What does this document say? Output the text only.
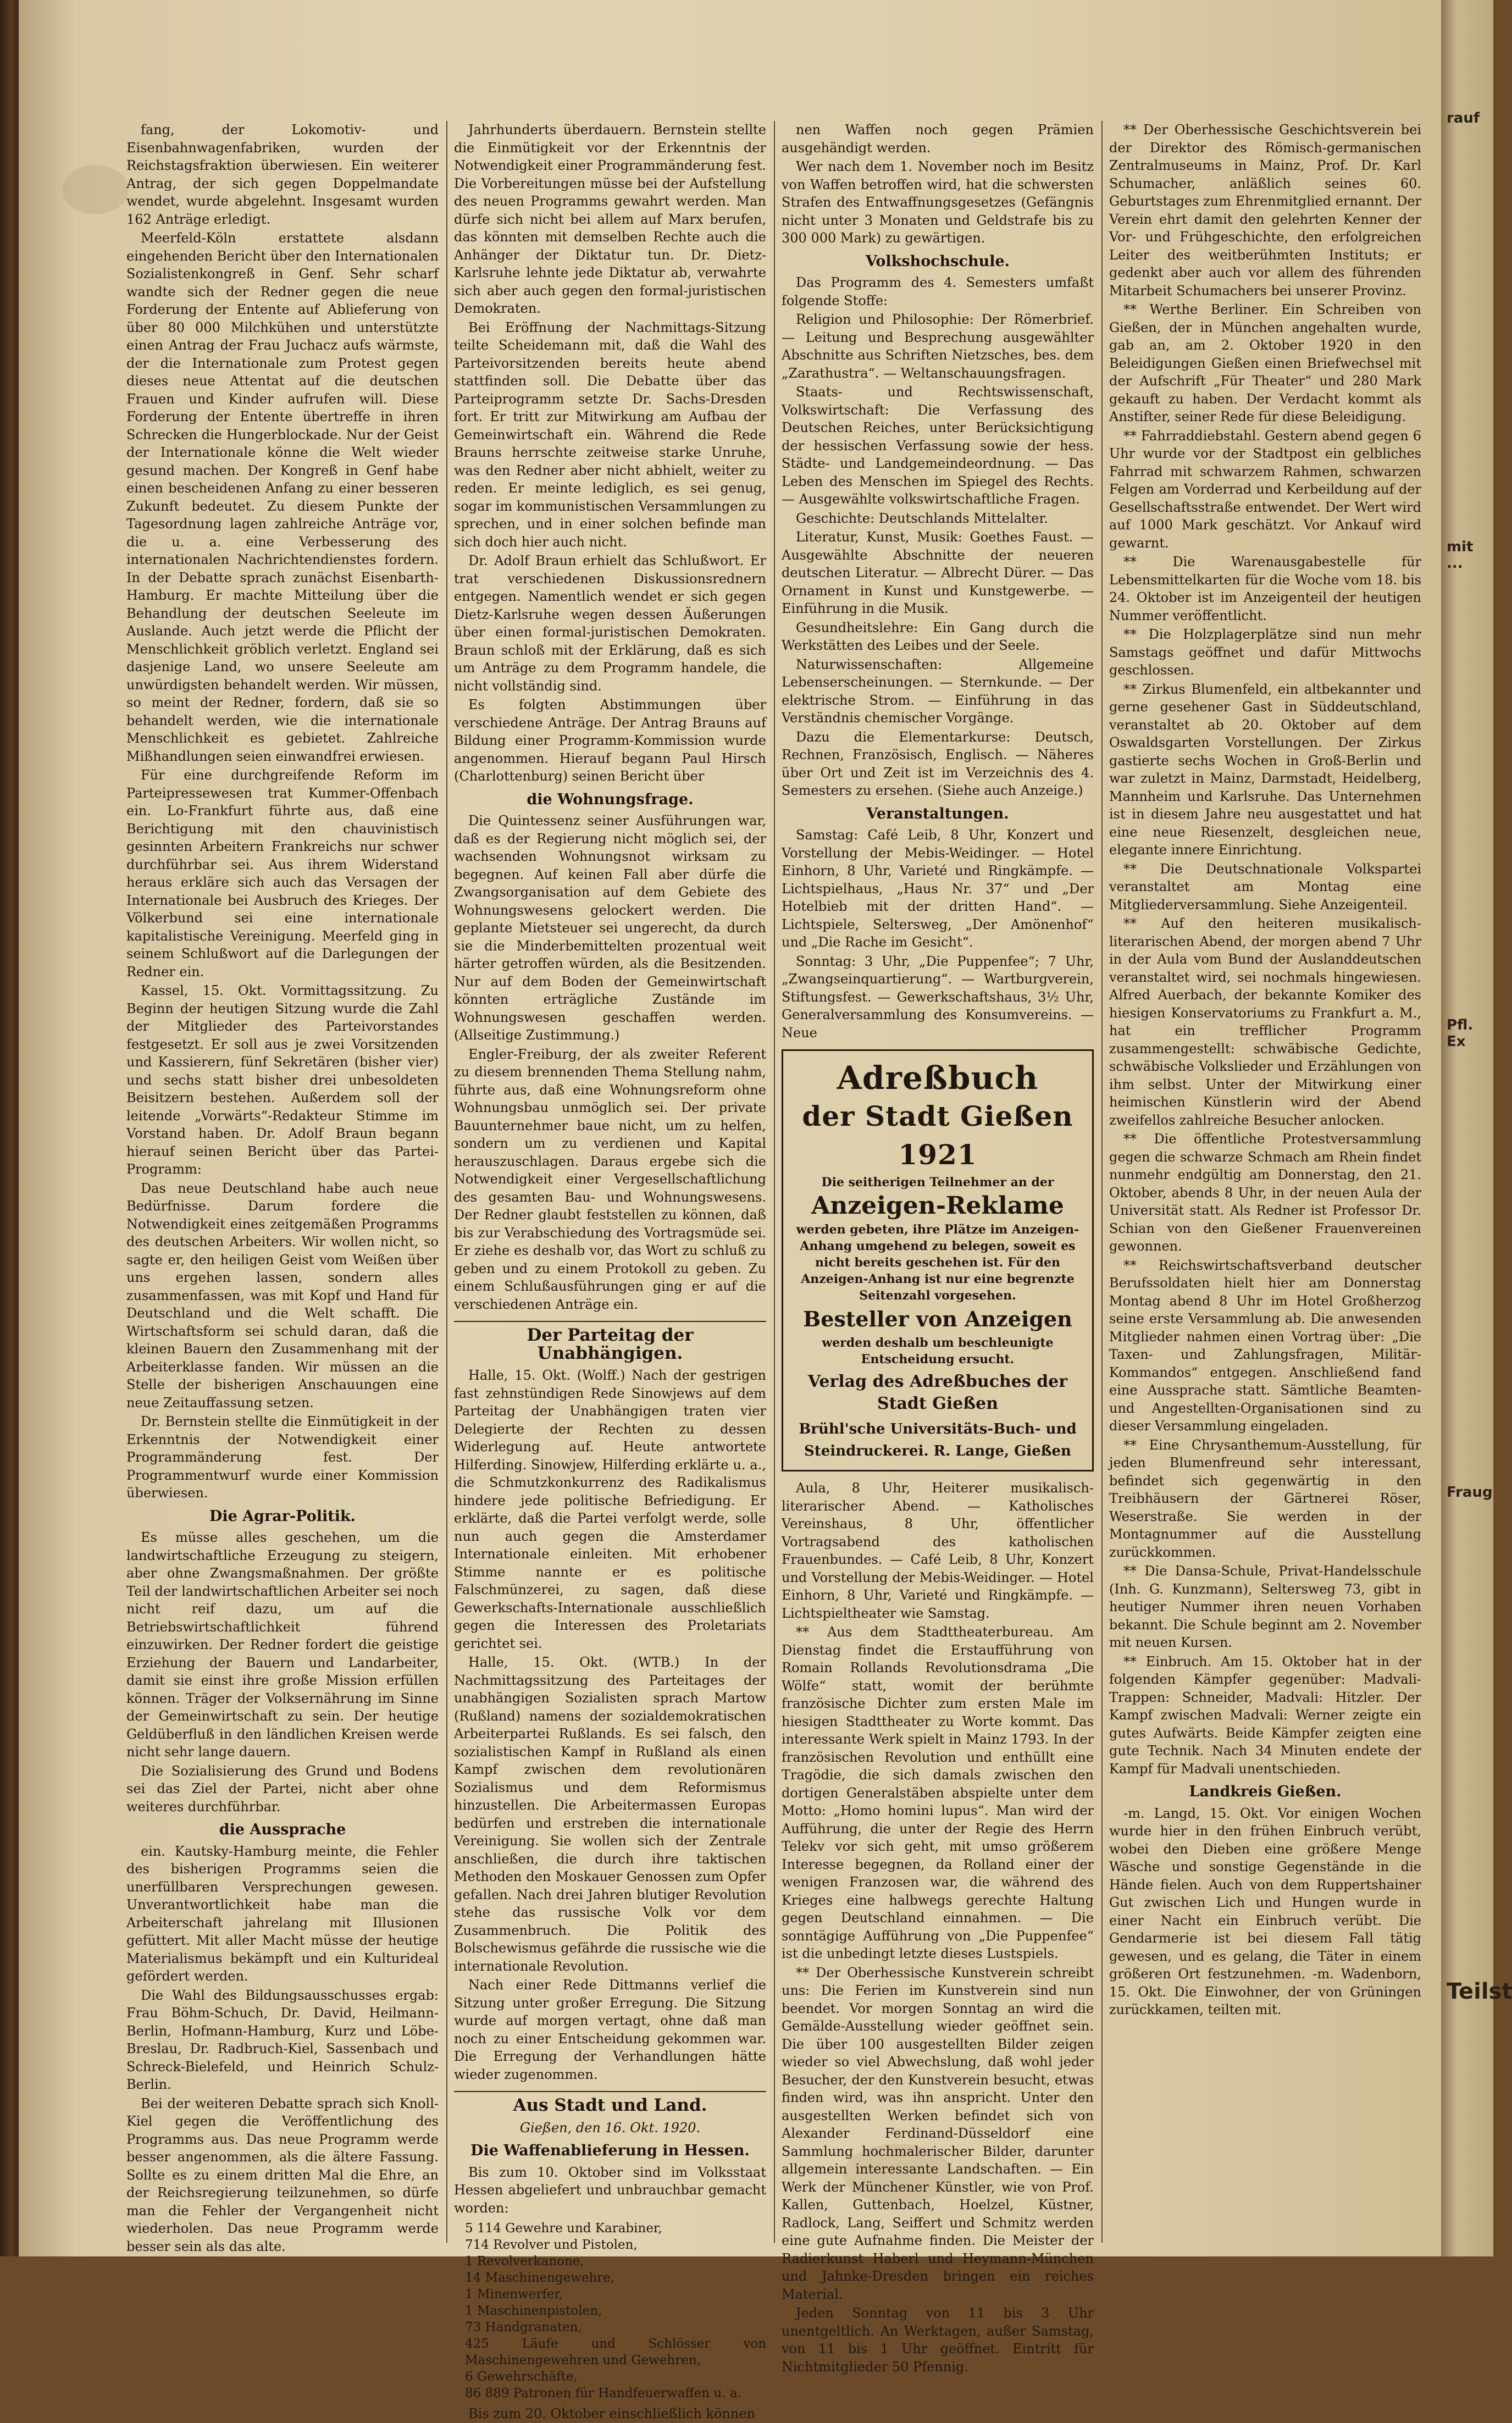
fang, der Lokomotiv- und Eisenbahnwagenfabriken, wurden der Reichstagsfraktion überwiesen. Ein weiterer Antrag, der sich gegen Doppelmandate wendet, wurde abgelehnt. Insgesamt wurden 162 Anträge erledigt.

Meerfeld-Köln erstattete alsdann eingehenden Bericht über den Internationalen Sozialistenkongreß in Genf. Sehr scharf wandte sich der Redner gegen die neue Forderung der Entente auf Ablieferung von über 80 000 Milchkühen und unterstützte einen Antrag der Frau Juchacz aufs wärmste, der die Internationale zum Protest gegen dieses neue Attentat auf die deutschen Frauen und Kinder aufrufen will. Diese Forderung der Entente übertreffe in ihren Schrecken die Hungerblockade. Nur der Geist der Internationale könne die Welt wieder gesund machen. Der Kongreß in Genf habe einen bescheidenen Anfang zu einer besseren Zukunft bedeutet. Zu diesem Punkte der Tagesordnung lagen zahlreiche Anträge vor, die u. a. eine Verbesserung des internationalen Nachrichtendienstes fordern. In der Debatte sprach zunächst Eisenbarth-Hamburg. Er machte Mitteilung über die Behandlung der deutschen Seeleute im Auslande. Auch jetzt werde die Pflicht der Menschlichkeit gröblich verletzt. England sei dasjenige Land, wo unsere Seeleute am unwürdigsten behandelt werden. Wir müssen, so meint der Redner, fordern, daß sie so behandelt werden, wie die internationale Menschlichkeit es gebietet. Zahlreiche Mißhandlungen seien einwandfrei erwiesen.

Für eine durchgreifende Reform im Parteipressewesen trat Kummer-Offenbach ein. Lo-Frankfurt führte aus, daß eine Berichtigung mit den chauvinistisch gesinnten Arbeitern Frankreichs nur schwer durchführbar sei. Aus ihrem Widerstand heraus erkläre sich auch das Versagen der Internationale bei Ausbruch des Krieges. Der Völkerbund sei eine internationale kapitalistische Vereinigung. Meerfeld ging in seinem Schlußwort auf die Darlegungen der Redner ein.

Kassel, 15. Okt. Vormittagssitzung. Zu Beginn der heutigen Sitzung wurde die Zahl der Mitglieder des Parteivorstandes festgesetzt. Er soll aus je zwei Vorsitzenden und Kassierern, fünf Sekretären (bisher vier) und sechs statt bisher drei unbesoldeten Beisitzern bestehen. Außerdem soll der leitende „Vorwärts“-Redakteur Stimme im Vorstand haben. Dr. Adolf Braun begann hierauf seinen Bericht über das Partei-Programm:

Das neue Deutschland habe auch neue Bedürfnisse. Darum fordere die Notwendigkeit eines zeitgemäßen Programms des deutschen Arbeiters. Wir wollen nicht, so sagte er, den heiligen Geist vom Weißen über uns ergehen lassen, sondern alles zusammenfassen, was mit Kopf und Hand für Deutschland und die Welt schafft. Die Wirtschaftsform sei schuld daran, daß die kleinen Bauern den Zusammenhang mit der Arbeiterklasse fanden. Wir müssen an die Stelle der bisherigen Anschauungen eine neue Zeitauffassung setzen.

Dr. Bernstein stellte die Einmütigkeit in der Erkenntnis der Notwendigkeit einer Programmänderung fest. Der Programmentwurf wurde einer Kommission überwiesen.

Die Agrar-Politik.

Es müsse alles geschehen, um die landwirtschaftliche Erzeugung zu steigern, aber ohne Zwangsmaßnahmen. Der größte Teil der landwirtschaftlichen Arbeiter sei noch nicht reif dazu, um auf die Betriebswirtschaftlichkeit führend einzuwirken. Der Redner fordert die geistige Erziehung der Bauern und Landarbeiter, damit sie einst ihre große Mission erfüllen können. Träger der Volksernährung im Sinne der Gemeinwirtschaft zu sein. Der heutige Geldüberfluß in den ländlichen Kreisen werde nicht sehr lange dauern.

Die Sozialisierung des Grund und Bodens sei das Ziel der Partei, nicht aber ohne weiteres durchführbar.

die Aussprache

ein. Kautsky-Hamburg meinte, die Fehler des bisherigen Programms seien die unerfüllbaren Versprechungen gewesen. Unverantwortlichkeit habe man die Arbeiterschaft jahrelang mit Illusionen gefüttert. Mit aller Macht müsse der heutige Materialismus bekämpft und ein Kulturideal gefördert werden.

Die Wahl des Bildungsausschusses ergab: Frau Böhm-Schuch, Dr. David, Heilmann-Berlin, Hofmann-Hamburg, Kurz und Löbe-Breslau, Dr. Radbruch-Kiel, Sassenbach und Schreck-Bielefeld, und Heinrich Schulz-Berlin.

Bei der weiteren Debatte sprach sich Knoll-Kiel gegen die Veröffentlichung des Programms aus. Das neue Programm werde besser angenommen, als die ältere Fassung. Sollte es zu einem dritten Mal die Ehre, an der Reichsregierung teilzunehmen, so dürfe man die Fehler der Vergangenheit nicht wiederholen. Das neue Programm werde besser sein als das alte.

Jahrhunderts überdauern. Bernstein stellte die Einmütigkeit vor der Erkenntnis der Notwendigkeit einer Programmänderung fest. Die Vorbereitungen müsse bei der Aufstellung des neuen Programms gewahrt werden. Man dürfe sich nicht bei allem auf Marx berufen, das könnten mit demselben Rechte auch die Anhänger der Diktatur tun. Dr. Dietz-Karlsruhe lehnte jede Diktatur ab, verwahrte sich aber auch gegen den formal-juristischen Demokraten.

Bei Eröffnung der Nachmittags-Sitzung teilte Scheidemann mit, daß die Wahl des Parteivorsitzenden bereits heute abend stattfinden soll. Die Debatte über das Parteiprogramm setzte Dr. Sachs-Dresden fort. Er tritt zur Mitwirkung am Aufbau der Gemeinwirtschaft ein. Während die Rede Brauns herrschte zeitweise starke Unruhe, was den Redner aber nicht abhielt, weiter zu reden. Er meinte lediglich, es sei genug, sogar im kommunistischen Versammlungen zu sprechen, und in einer solchen befinde man sich doch hier auch nicht.

Dr. Adolf Braun erhielt das Schlußwort. Er trat verschiedenen Diskussionsrednern entgegen. Namentlich wendet er sich gegen Dietz-Karlsruhe wegen dessen Äußerungen über einen formal-juristischen Demokraten. Braun schloß mit der Erklärung, daß es sich um Anträge zu dem Programm handele, die nicht vollständig sind.

Es folgten Abstimmungen über verschiedene Anträge. Der Antrag Brauns auf Bildung einer Programm-Kommission wurde angenommen. Hierauf begann Paul Hirsch (Charlottenburg) seinen Bericht über

die Wohnungsfrage.

Die Quintessenz seiner Ausführungen war, daß es der Regierung nicht möglich sei, der wachsenden Wohnungsnot wirksam zu begegnen. Auf keinen Fall aber dürfe die Zwangsorganisation auf dem Gebiete des Wohnungswesens gelockert werden. Die geplante Mietsteuer sei ungerecht, da durch sie die Minderbemittelten prozentual weit härter getroffen würden, als die Besitzenden. Nur auf dem Boden der Gemeinwirtschaft könnten erträgliche Zustände im Wohnungswesen geschaffen werden. (Allseitige Zustimmung.)

Engler-Freiburg, der als zweiter Referent zu diesem brennenden Thema Stellung nahm, führte aus, daß eine Wohnungsreform ohne Wohnungsbau unmöglich sei. Der private Bauunternehmer baue nicht, um zu helfen, sondern um zu verdienen und Kapital herauszuschlagen. Daraus ergebe sich die Notwendigkeit einer Vergesellschaftlichung des gesamten Bau- und Wohnungswesens. Der Redner glaubt feststellen zu können, daß bis zur Verabschiedung des Vortragsmüde sei. Er ziehe es deshalb vor, das Wort zu schluß zu geben und zu einem Protokoll zu geben. Zu einem Schlußausführungen ging er auf die verschiedenen Anträge ein.

Der Parteitag der Unabhängigen.

Halle, 15. Okt. (Wolff.) Nach der gestrigen fast zehnstündigen Rede Sinowjews auf dem Parteitag der Unabhängigen traten vier Delegierte der Rechten zu dessen Widerlegung auf. Heute antwortete Hilferding. Sinowjew, Hilferding erklärte u. a., die Schmutzkonkurrenz des Radikalismus hindere jede politische Befriedigung. Er erklärte, daß die Partei verfolgt werde, solle nun auch gegen die Amsterdamer Internationale einleiten. Mit erhobener Stimme nannte er es politische Falschmünzerei, zu sagen, daß diese Gewerkschafts-Internationale ausschließlich gegen die Interessen des Proletariats gerichtet sei.

Halle, 15. Okt. (WTB.) In der Nachmittagssitzung des Parteitages der unabhängigen Sozialisten sprach Martow (Rußland) namens der sozialdemokratischen Arbeiterpartei Rußlands. Es sei falsch, den sozialistischen Kampf in Rußland als einen Kampf zwischen dem revolutionären Sozialismus und dem Reformismus hinzustellen. Die Arbeitermassen Europas bedürfen und erstreben die internationale Vereinigung. Sie wollen sich der Zentrale anschließen, die durch ihre taktischen Methoden den Moskauer Genossen zum Opfer gefallen. Nach drei Jahren blutiger Revolution stehe das russische Volk vor dem Zusammenbruch. Die Politik des Bolschewismus gefährde die russische wie die internationale Revolution.

Nach einer Rede Dittmanns verlief die Sitzung unter großer Erregung. Die Sitzung wurde auf morgen vertagt, ohne daß man noch zu einer Entscheidung gekommen war. Die Erregung der Verhandlungen hätte wieder zugenommen.

Aus Stadt und Land.
Gießen, den 16. Okt. 1920.
Die Waffenablieferung in Hessen.

Bis zum 10. Oktober sind im Volksstaat Hessen abgeliefert und unbrauchbar gemacht worden:

5 114 Gewehre und Karabiner,
714 Revolver und Pistolen,
1 Revolverkanone,
14 Maschinengewehre,
1 Minenwerfer,
1 Maschinenpistolen,
73 Handgranaten,
425 Läufe und Schlösser von Maschinengewehren und Gewehren,
6 Gewehrschäfte,
86 889 Patronen für Handfeuerwaffen u. a.

Bis zum 20. Oktober einschließlich können

nen Waffen noch gegen Prämien ausgehändigt werden.

Wer nach dem 1. November noch im Besitz von Waffen betroffen wird, hat die schwersten Strafen des Entwaffnungsgesetzes (Gefängnis nicht unter 3 Monaten und Geldstrafe bis zu 300 000 Mark) zu gewärtigen.

Volkshochschule.

Das Programm des 4. Semesters umfaßt folgende Stoffe:

Religion und Philosophie: Der Römerbrief. — Leitung und Besprechung ausgewählter Abschnitte aus Schriften Nietzsches, bes. dem „Zarathustra“. — Weltanschauungsfragen.

Staats- und Rechtswissenschaft, Volkswirtschaft: Die Verfassung des Deutschen Reiches, unter Berücksichtigung der hessischen Verfassung sowie der hess. Städte- und Landgemeindeordnung. — Das Leben des Menschen im Spiegel des Rechts. — Ausgewählte volkswirtschaftliche Fragen.

Geschichte: Deutschlands Mittelalter.

Literatur, Kunst, Musik: Goethes Faust. — Ausgewählte Abschnitte der neueren deutschen Literatur. — Albrecht Dürer. — Das Ornament in Kunst und Kunstgewerbe. — Einführung in die Musik.

Gesundheitslehre: Ein Gang durch die Werkstätten des Leibes und der Seele.

Naturwissenschaften: Allgemeine Lebenserscheinungen. — Sternkunde. — Der elektrische Strom. — Einführung in das Verständnis chemischer Vorgänge.

Dazu die Elementarkurse: Deutsch, Rechnen, Französisch, Englisch. — Näheres über Ort und Zeit ist im Verzeichnis des 4. Semesters zu ersehen. (Siehe auch Anzeige.)

Veranstaltungen.

Samstag: Café Leib, 8 Uhr, Konzert und Vorstellung der Mebis-Weidinger. — Hotel Einhorn, 8 Uhr, Varieté und Ringkämpfe. — Lichtspielhaus, „Haus Nr. 37“ und „Der Hotelbieb mit der dritten Hand“. — Lichtspiele, Seltersweg, „Der Amönenhof“ und „Die Rache im Gesicht“.

Sonntag: 3 Uhr, „Die Puppenfee“; 7 Uhr, „Zwangseinquartierung“. — Wartburgverein, Stiftungsfest. — Gewerkschaftshaus, 3½ Uhr, Generalversammlung des Konsumvereins. — Neue

Adreßbuch
der Stadt Gießen 1921
Die seitherigen Teilnehmer an der
Anzeigen-Reklame
werden gebeten, ihre Plätze im Anzeigen-Anhang umgehend zu belegen, soweit es nicht bereits geschehen ist. Für den Anzeigen-Anhang ist nur eine begrenzte Seitenzahl vorgesehen.
Besteller von Anzeigen
werden deshalb um beschleunigte Entscheidung ersucht.
Verlag des Adreßbuches der Stadt Gießen
Brühl'sche Universitäts-Buch- und Steindruckerei. R. Lange, Gießen

Aula, 8 Uhr, Heiterer musikalisch-literarischer Abend. — Katholisches Vereinshaus, 8 Uhr, öffentlicher Vortragsabend des katholischen Frauenbundes. — Café Leib, 8 Uhr, Konzert und Vorstellung der Mebis-Weidinger. — Hotel Einhorn, 8 Uhr, Varieté und Ringkämpfe. — Lichtspieltheater wie Samstag.

** Aus dem Stadttheaterbureau. Am Dienstag findet die Erstaufführung von Romain Rollands Revolutionsdrama „Die Wölfe“ statt, womit der berühmte französische Dichter zum ersten Male im hiesigen Stadttheater zu Worte kommt. Das interessante Werk spielt in Mainz 1793. In der französischen Revolution und enthüllt eine Tragödie, die sich damals zwischen den dortigen Generalstäben abspielte unter dem Motto: „Homo homini lupus“. Man wird der Aufführung, die unter der Regie des Herrn Telekv vor sich geht, mit umso größerem Interesse begegnen, da Rolland einer der wenigen Franzosen war, die während des Krieges eine halbwegs gerechte Haltung gegen Deutschland einnahmen. — Die sonntägige Aufführung von „Die Puppenfee“ ist die unbedingt letzte dieses Lustspiels.

** Der Oberhessische Kunstverein schreibt uns: Die Ferien im Kunstverein sind nun beendet. Vor morgen Sonntag an wird die Gemälde-Ausstellung wieder geöffnet sein. Die über 100 ausgestellten Bilder zeigen wieder so viel Abwechslung, daß wohl jeder Besucher, der den Kunstverein besucht, etwas finden wird, was ihn anspricht. Unter den ausgestellten Werken befindet sich von Alexander Ferdinand-Düsseldorf eine Sammlung hochmalerischer Bilder, darunter allgemein interessante Landschaften. — Ein Werk der Münchener Künstler, wie von Prof. Kallen, Guttenbach, Hoelzel, Küstner, Radlock, Lang, Seiffert und Schmitz werden eine gute Aufnahme finden. Die Meister der Radierkunst Haberl und Heymann-München und Jahnke-Dresden bringen ein reiches Material.

Jeden Sonntag von 11 bis 3 Uhr unentgeltlich. An Werktagen, außer Samstag, von 11 bis 1 Uhr geöffnet. Eintritt für Nichtmitglieder 50 Pfennig.

** Der Oberhessische Geschichtsverein bei der Direktor des Römisch-germanischen Zentralmuseums in Mainz, Prof. Dr. Karl Schumacher, anläßlich seines 60. Geburtstages zum Ehrenmitglied ernannt. Der Verein ehrt damit den gelehrten Kenner der Vor- und Frühgeschichte, den erfolgreichen Leiter des weitberühmten Instituts; er gedenkt aber auch vor allem des führenden Mitarbeit Schumachers bei unserer Provinz.

** Werthe Berliner. Ein Schreiben von Gießen, der in München angehalten wurde, gab an, am 2. Oktober 1920 in den Beleidigungen Gießen einen Briefwechsel mit der Aufschrift „Für Theater“ und 280 Mark gekauft zu haben. Der Verdacht kommt als Anstifter, seiner Rede für diese Beleidigung.

** Fahrraddiebstahl. Gestern abend gegen 6 Uhr wurde vor der Stadtpost ein gelbliches Fahrrad mit schwarzem Rahmen, schwarzen Felgen am Vorderrad und Kerbeildung auf der Gesellschaftsstraße entwendet. Der Wert wird auf 1000 Mark geschätzt. Vor Ankauf wird gewarnt.

** Die Warenausgabestelle für Lebensmittelkarten für die Woche vom 18. bis 24. Oktober ist im Anzeigenteil der heutigen Nummer veröffentlicht.

** Die Holzplagerplätze sind nun mehr Samstags geöffnet und dafür Mittwochs geschlossen.

** Zirkus Blumenfeld, ein altbekannter und gerne gesehener Gast in Süddeutschland, veranstaltet ab 20. Oktober auf dem Oswaldsgarten Vorstellungen. Der Zirkus gastierte sechs Wochen in Groß-Berlin und war zuletzt in Mainz, Darmstadt, Heidelberg, Mannheim und Karlsruhe. Das Unternehmen ist in diesem Jahre neu ausgestattet und hat eine neue Riesenzelt, desgleichen neue, elegante innere Einrichtung.

** Die Deutschnationale Volkspartei veranstaltet am Montag eine Mitgliederversammlung. Siehe Anzeigenteil.

** Auf den heiteren musikalisch-literarischen Abend, der morgen abend 7 Uhr in der Aula vom Bund der Auslanddeutschen veranstaltet wird, sei nochmals hingewiesen. Alfred Auerbach, der bekannte Komiker des hiesigen Konservatoriums zu Frankfurt a. M., hat ein trefflicher Programm zusammengestellt: schwäbische Gedichte, schwäbische Volkslieder und Erzählungen von ihm selbst. Unter der Mitwirkung einer heimischen Künstlerin wird der Abend zweifellos zahlreiche Besucher anlocken.

** Die öffentliche Protestversammlung gegen die schwarze Schmach am Rhein findet nunmehr endgültig am Donnerstag, den 21. Oktober, abends 8 Uhr, in der neuen Aula der Universität statt. Als Redner ist Professor Dr. Schian von den Gießener Frauenvereinen gewonnen.

** Reichswirtschaftsverband deutscher Berufssoldaten hielt hier am Donnerstag Montag abend 8 Uhr im Hotel Großherzog seine erste Versammlung ab. Die anwesenden Mitglieder nahmen einen Vortrag über: „Die Taxen- und Zahlungsfragen, Militär-Kommandos“ entgegen. Anschließend fand eine Aussprache statt. Sämtliche Beamten- und Angestellten-Organisationen sind zu dieser Versammlung eingeladen.

** Eine Chrysanthemum-Ausstellung, für jeden Blumenfreund sehr interessant, befindet sich gegenwärtig in den Treibhäusern der Gärtnerei Röser, Weserstraße. Sie werden in der Montagnummer auf die Ausstellung zurückkommen.

** Die Dansa-Schule, Privat-Handelsschule (Inh. G. Kunzmann), Seltersweg 73, gibt in heutiger Nummer ihren neuen Vorhaben bekannt. Die Schule beginnt am 2. November mit neuen Kursen.

** Einbruch. Am 15. Oktober hat in der folgenden Kämpfer gegenüber: Madvali-Trappen: Schneider, Madvali: Hitzler. Der Kampf zwischen Madvali: Werner zeigte ein gutes Aufwärts. Beide Kämpfer zeigten eine gute Technik. Nach 34 Minuten endete der Kampf für Madvali unentschieden.

Landkreis Gießen.

-m. Langd, 15. Okt. Vor einigen Wochen wurde hier in den frühen Einbruch verübt, wobei den Dieben eine größere Menge Wäsche und sonstige Gegenstände in die Hände fielen. Auch von dem Ruppertshainer Gut zwischen Lich und Hungen wurde in einer Nacht ein Einbruch verübt. Die Gendarmerie ist bei diesem Fall tätig gewesen, und es gelang, die Täter in einem größeren Ort festzunehmen. -m. Wadenborn, 15. Okt. Die Einwohner, der von Grüningen zurückkamen, teilten mit.

rauf
mit ...
Pfl. Ex
Fraug
Teilst
